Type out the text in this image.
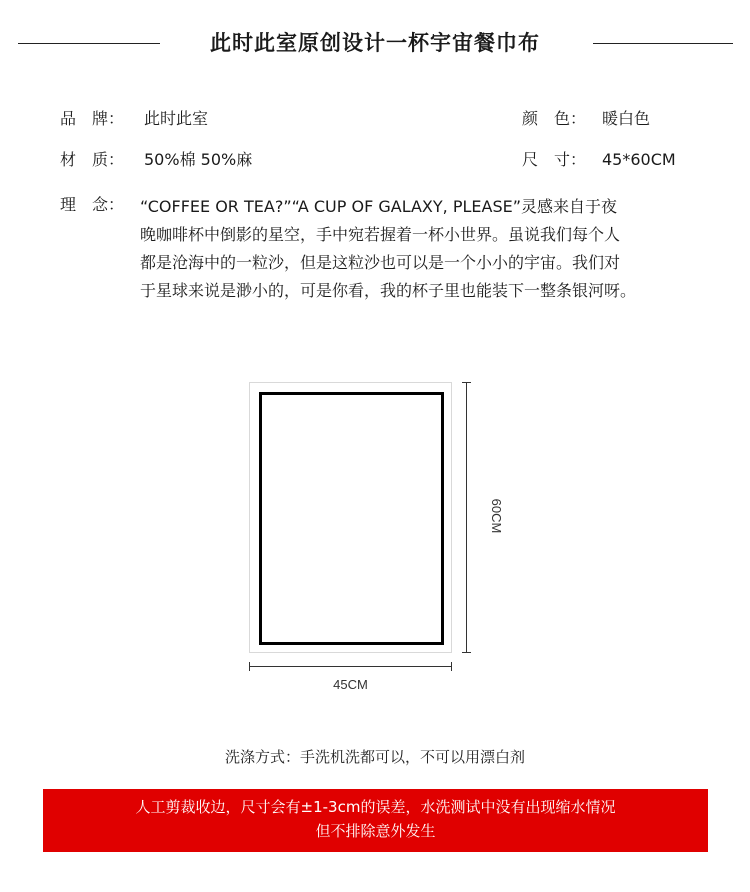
此时此室原创设计一杯宇宙餐巾布
品　牌： 此时此室	颜　色： 暖白色
材　质： 50%棉 50%麻	尺　寸： 45*60CM
理　念： “COFFEE OR TEA?”“A CUP OF GALAXY, PLEASE”灵感来自于夜
晚咖啡杯中倒影的星空，手中宛若握着一杯小世界。虽说我们每个人
都是沧海中的一粒沙，但是这粒沙也可以是一个小小的宇宙。我们对
于星球来说是渺小的，可是你看，我的杯子里也能装下一整条银河呀。
60CM
45CM
洗涤方式：手洗机洗都可以，不可以用漂白剂
人工剪裁收边，尺寸会有±1-3cm的误差，水洗测试中没有出现缩水情况
但不排除意外发生
